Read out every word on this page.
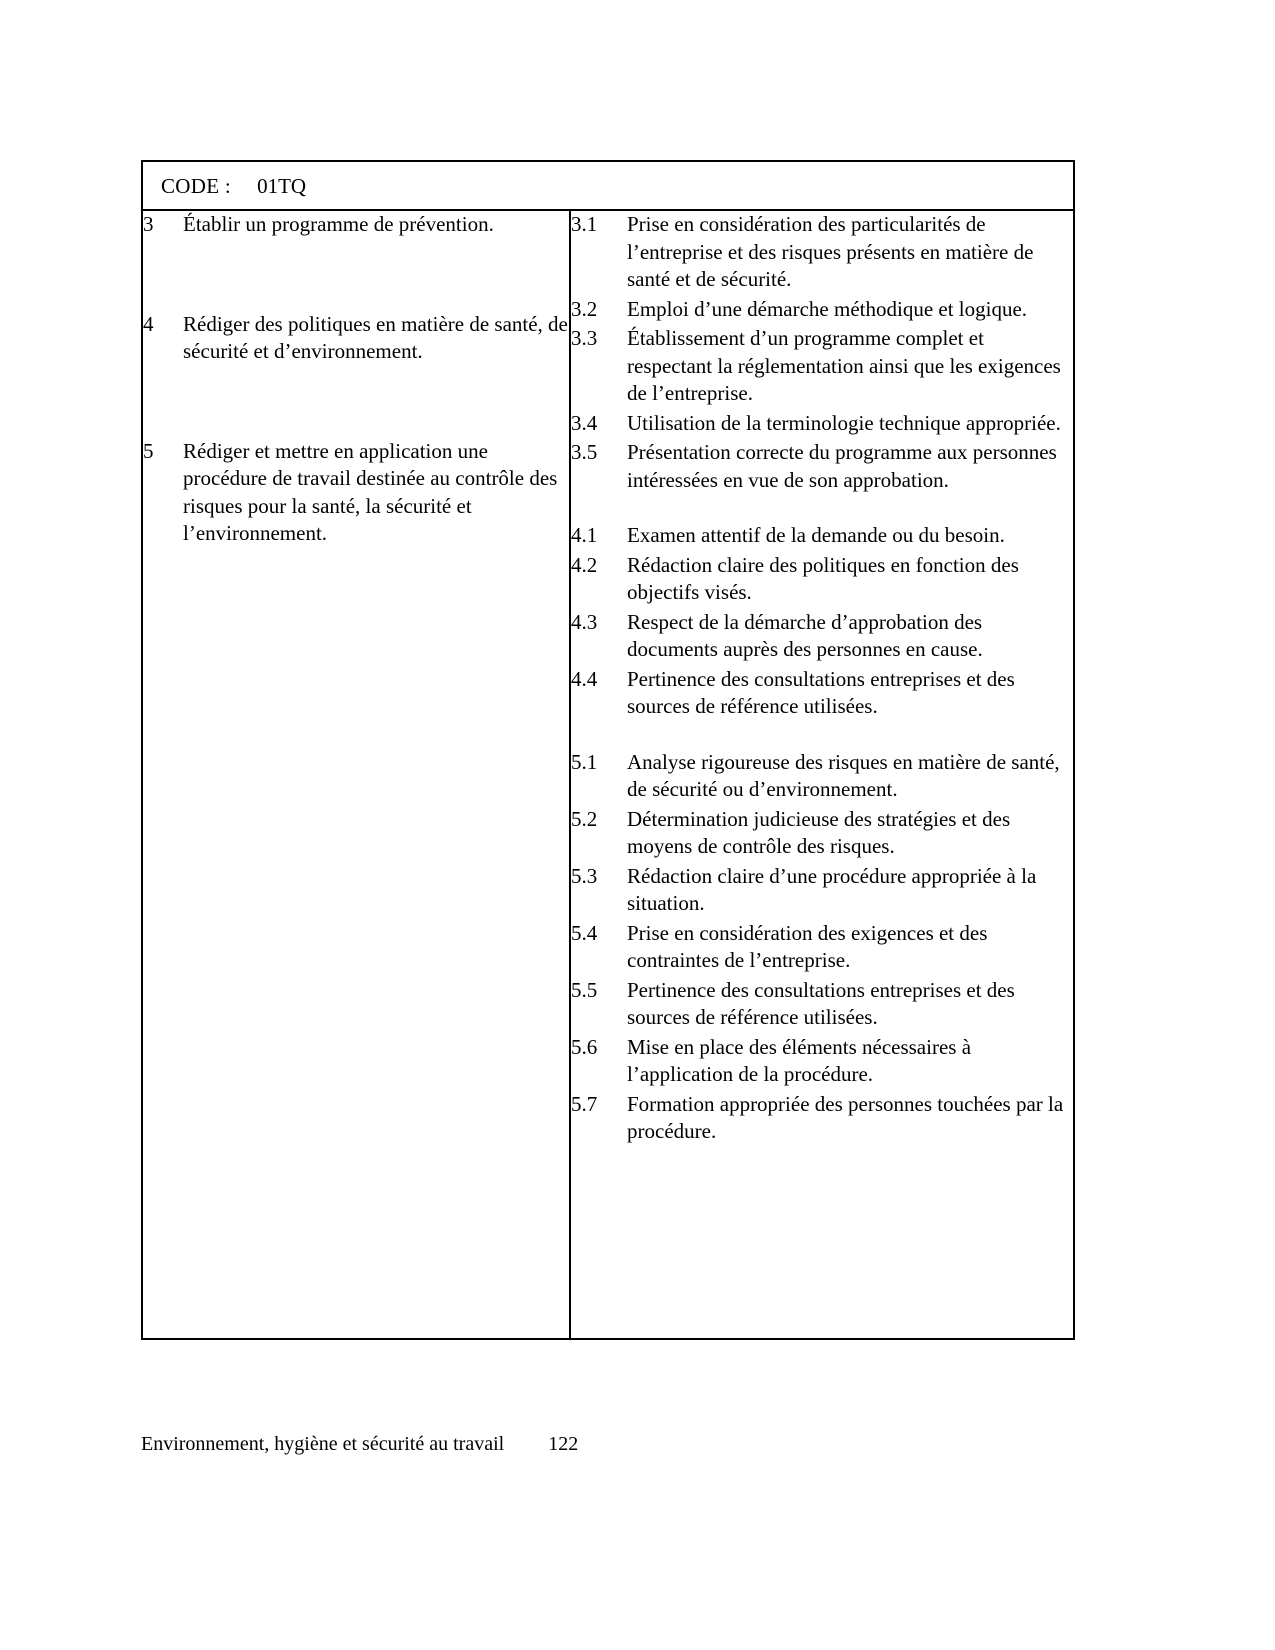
CODE : 01TQ	

3	Établir un programme de prévention.
4	Rédiger des politiques en matière de santé, de sécurité et d’environnement.
5	Rédiger et mettre en application une procédure de travail destinée au contrôle des risques pour la santé, la sécurité et l’environnement.

3.1	Prise en considération des particularités de l’entreprise et des risques présents en matière de santé et de sécurité.
3.2	Emploi d’une démarche méthodique et logique.
3.3	Établissement d’un programme complet et respectant la réglementation ainsi que les exigences de l’entreprise.
3.4	Utilisation de la terminologie technique appropriée.
3.5	Présentation correcte du programme aux personnes intéressées en vue de son approbation.
4.1	Examen attentif de la demande ou du besoin.
4.2	Rédaction claire des politiques en fonction des objectifs visés.
4.3	Respect de la démarche d’approbation des documents auprès des personnes en cause.
4.4	Pertinence des consultations entreprises et des sources de référence utilisées.
5.1	Analyse rigoureuse des risques en matière de santé, de sécurité ou d’environnement.
5.2	Détermination judicieuse des stratégies et des moyens de contrôle des risques.
5.3	Rédaction claire d’une procédure appropriée à la situation.
5.4	Prise en considération des exigences et des contraintes de l’entreprise.
5.5	Pertinence des consultations entreprises et des sources de référence utilisées.
5.6	Mise en place des éléments nécessaires à l’application de la procédure.
5.7	Formation appropriée des personnes touchées par la procédure.
Environnement, hygiène et sécurité au travail	122
